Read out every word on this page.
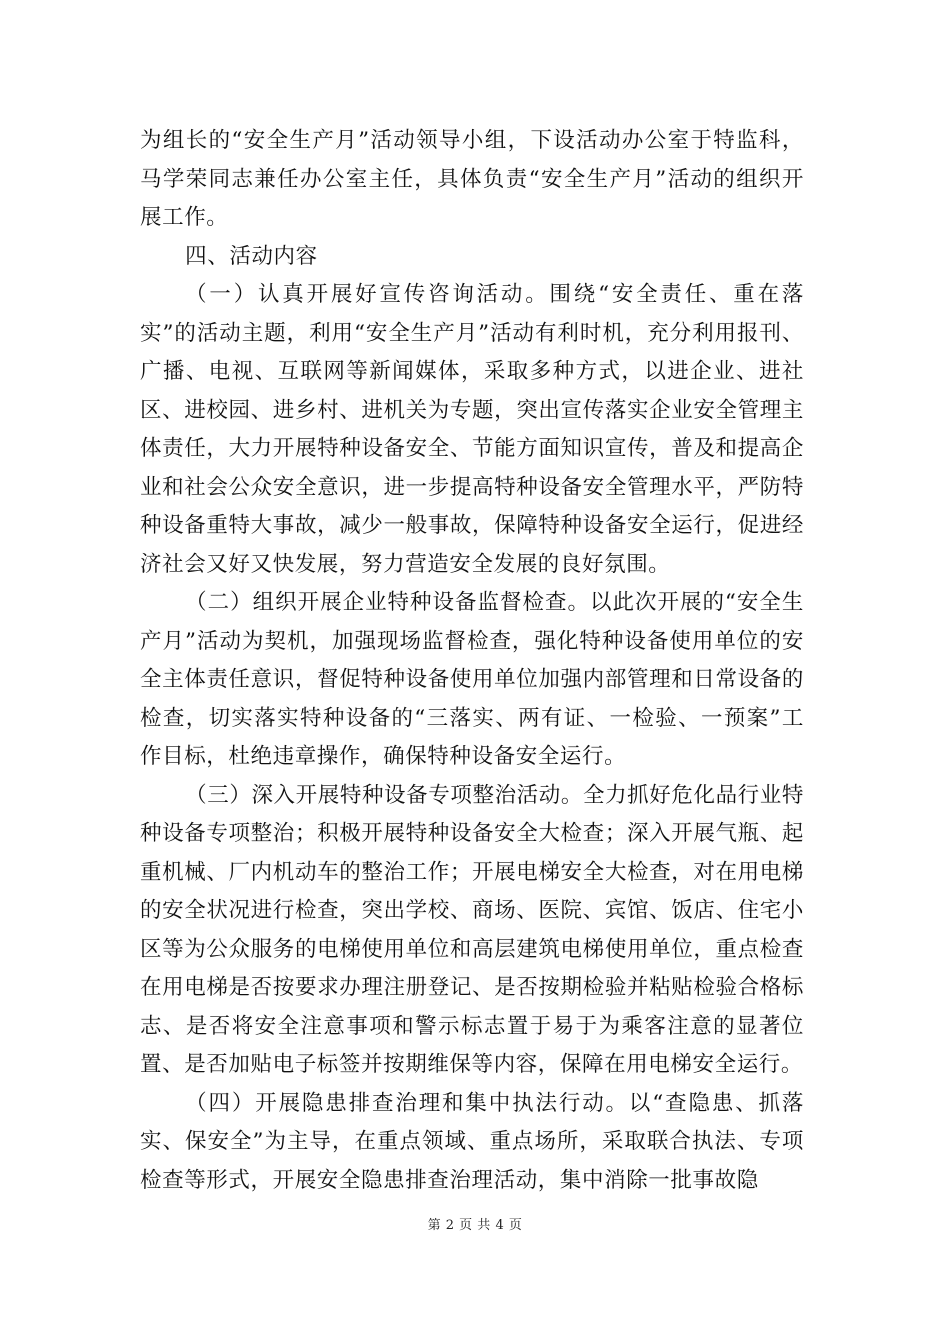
为组长的“安全生产月”活动领导小组，下设活动办公室于特监科，马学荣同志兼任办公室主任，具体负责“安全生产月”活动的组织开展工作。

四、活动内容

（一）认真开展好宣传咨询活动。围绕“安全责任、重在落实”的活动主题，利用“安全生产月”活动有利时机，充分利用报刊、广播、电视、互联网等新闻媒体，采取多种方式，以进企业、进社区、进校园、进乡村、进机关为专题，突出宣传落实企业安全管理主体责任，大力开展特种设备安全、节能方面知识宣传，普及和提高企业和社会公众安全意识，进一步提高特种设备安全管理水平，严防特种设备重特大事故，减少一般事故，保障特种设备安全运行，促进经济社会又好又快发展，努力营造安全发展的良好氛围。

（二）组织开展企业特种设备监督检查。以此次开展的“安全生产月”活动为契机，加强现场监督检查，强化特种设备使用单位的安全主体责任意识，督促特种设备使用单位加强内部管理和日常设备的检查，切实落实特种设备的“三落实、两有证、一检验、一预案”工作目标，杜绝违章操作，确保特种设备安全运行。

（三）深入开展特种设备专项整治活动。全力抓好危化品行业特种设备专项整治；积极开展特种设备安全大检查；深入开展气瓶、起重机械、厂内机动车的整治工作；开展电梯安全大检查，对在用电梯的安全状况进行检查，突出学校、商场、医院、宾馆、饭店、住宅小区等为公众服务的电梯使用单位和高层建筑电梯使用单位，重点检查在用电梯是否按要求办理注册登记、是否按期检验并粘贴检验合格标志、是否将安全注意事项和警示标志置于易于为乘客注意的显著位置、是否加贴电子标签并按期维保等内容，保障在用电梯安全运行。

（四）开展隐患排查治理和集中执法行动。以“查隐患、抓落实、保安全”为主导，在重点领域、重点场所，采取联合执法、专项检查等形式，开展安全隐患排查治理活动，集中消除一批事故隐

第 2 页 共 4 页
